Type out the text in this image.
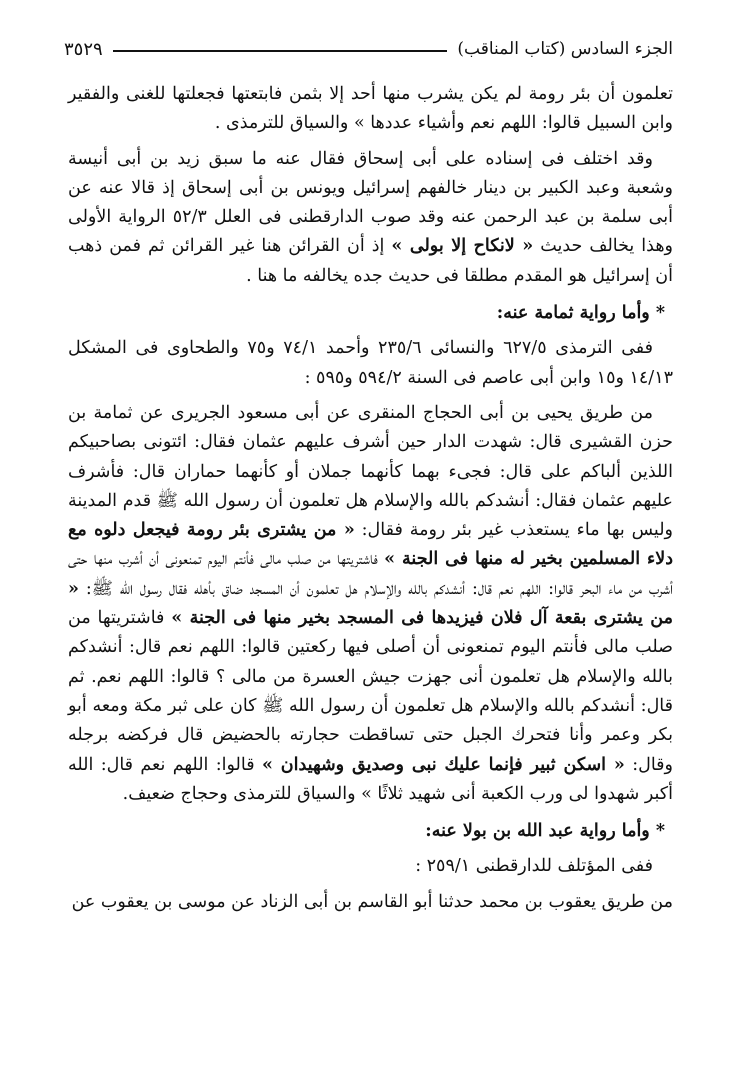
الجزء السادس (كتاب المناقب)
٣٥٢٩

تعلمون أن بئر رومة لم يكن يشرب منها أحد إلا بثمن فابتعتها فجعلتها للغنى والفقير وابن السبيل قالوا: اللهم نعم وأشياء عددها » والسياق للترمذى .

وقد اختلف فى إسناده على أبى إسحاق فقال عنه ما سبق زيد بن أبى أنيسة وشعبة وعبد الكبير بن دينار خالفهم إسرائيل ويونس بن أبى إسحاق إذ قالا عنه عن أبى سلمة بن عبد الرحمن عنه وقد صوب الدارقطنى فى العلل ٥٢/٣ الرواية الأولى وهذا يخالف حديث « لانكاح إلا بولى » إذ أن القرائن هنا غير القرائن ثم فمن ذهب أن إسرائيل هو المقدم مطلقا فى حديث جده يخالفه ما هنا .

* وأما رواية ثمامة عنه:

ففى الترمذى ٦٢٧/٥ والنسائى ٢٣٥/٦ وأحمد ٧٤/١ و٧٥ والطحاوى فى المشكل ١٤/١٣ و١٥ وابن أبى عاصم فى السنة ٥٩٤/٢ و٥٩٥ :

من طريق يحيى بن أبى الحجاج المنقرى عن أبى مسعود الجريرى عن ثمامة بن حزن القشيرى قال: شهدت الدار حين أشرف عليهم عثمان فقال: ائتونى بصاحبيكم اللذين ألباكم على قال: فجىء بهما كأنهما جملان أو كأنهما حماران قال: فأشرف عليهم عثمان فقال: أنشدكم بالله والإسلام هل تعلمون أن رسول الله ﷺ قدم المدينة وليس بها ماء يستعذب غير بئر رومة فقال: « من يشترى بئر رومة فيجعل دلوه مع دلاء المسلمين بخير له منها فى الجنة » فاشتريتها من صلب مالى فأنتم اليوم تمنعونى أن أشرب منها حتى أشرب من ماء البحر قالوا: اللهم نعم قال: أنشدكم بالله والإسلام هل تعلمون أن المسجد ضاق بأهله فقال رسول الله ﷺ: « من يشترى بقعة آل فلان فيزيدها فى المسجد بخير منها فى الجنة » فاشتريتها من صلب مالى فأنتم اليوم تمنعونى أن أصلى فيها ركعتين قالوا: اللهم نعم قال: أنشدكم بالله والإسلام هل تعلمون أنى جهزت جيش العسرة من مالى ؟ قالوا: اللهم نعم. ثم قال: أنشدكم بالله والإسلام هل تعلمون أن رسول الله ﷺ كان على ثبر مكة ومعه أبو بكر وعمر وأنا فتحرك الجبل حتى تساقطت حجارته بالحضيض قال فركضه برجله وقال: « اسكن ثبير فإنما عليك نبى وصديق وشهيدان » قالوا: اللهم نعم قال: الله أكبر شهدوا لى ورب الكعبة أنى شهيد ثلاثًا » والسياق للترمذى وحجاج ضعيف.

* وأما رواية عبد الله بن بولا عنه:

ففى المؤتلف للدارقطنى ٢٥٩/١ :

من طريق يعقوب بن محمد حدثنا أبو القاسم بن أبى الزناد عن موسى بن يعقوب عن
